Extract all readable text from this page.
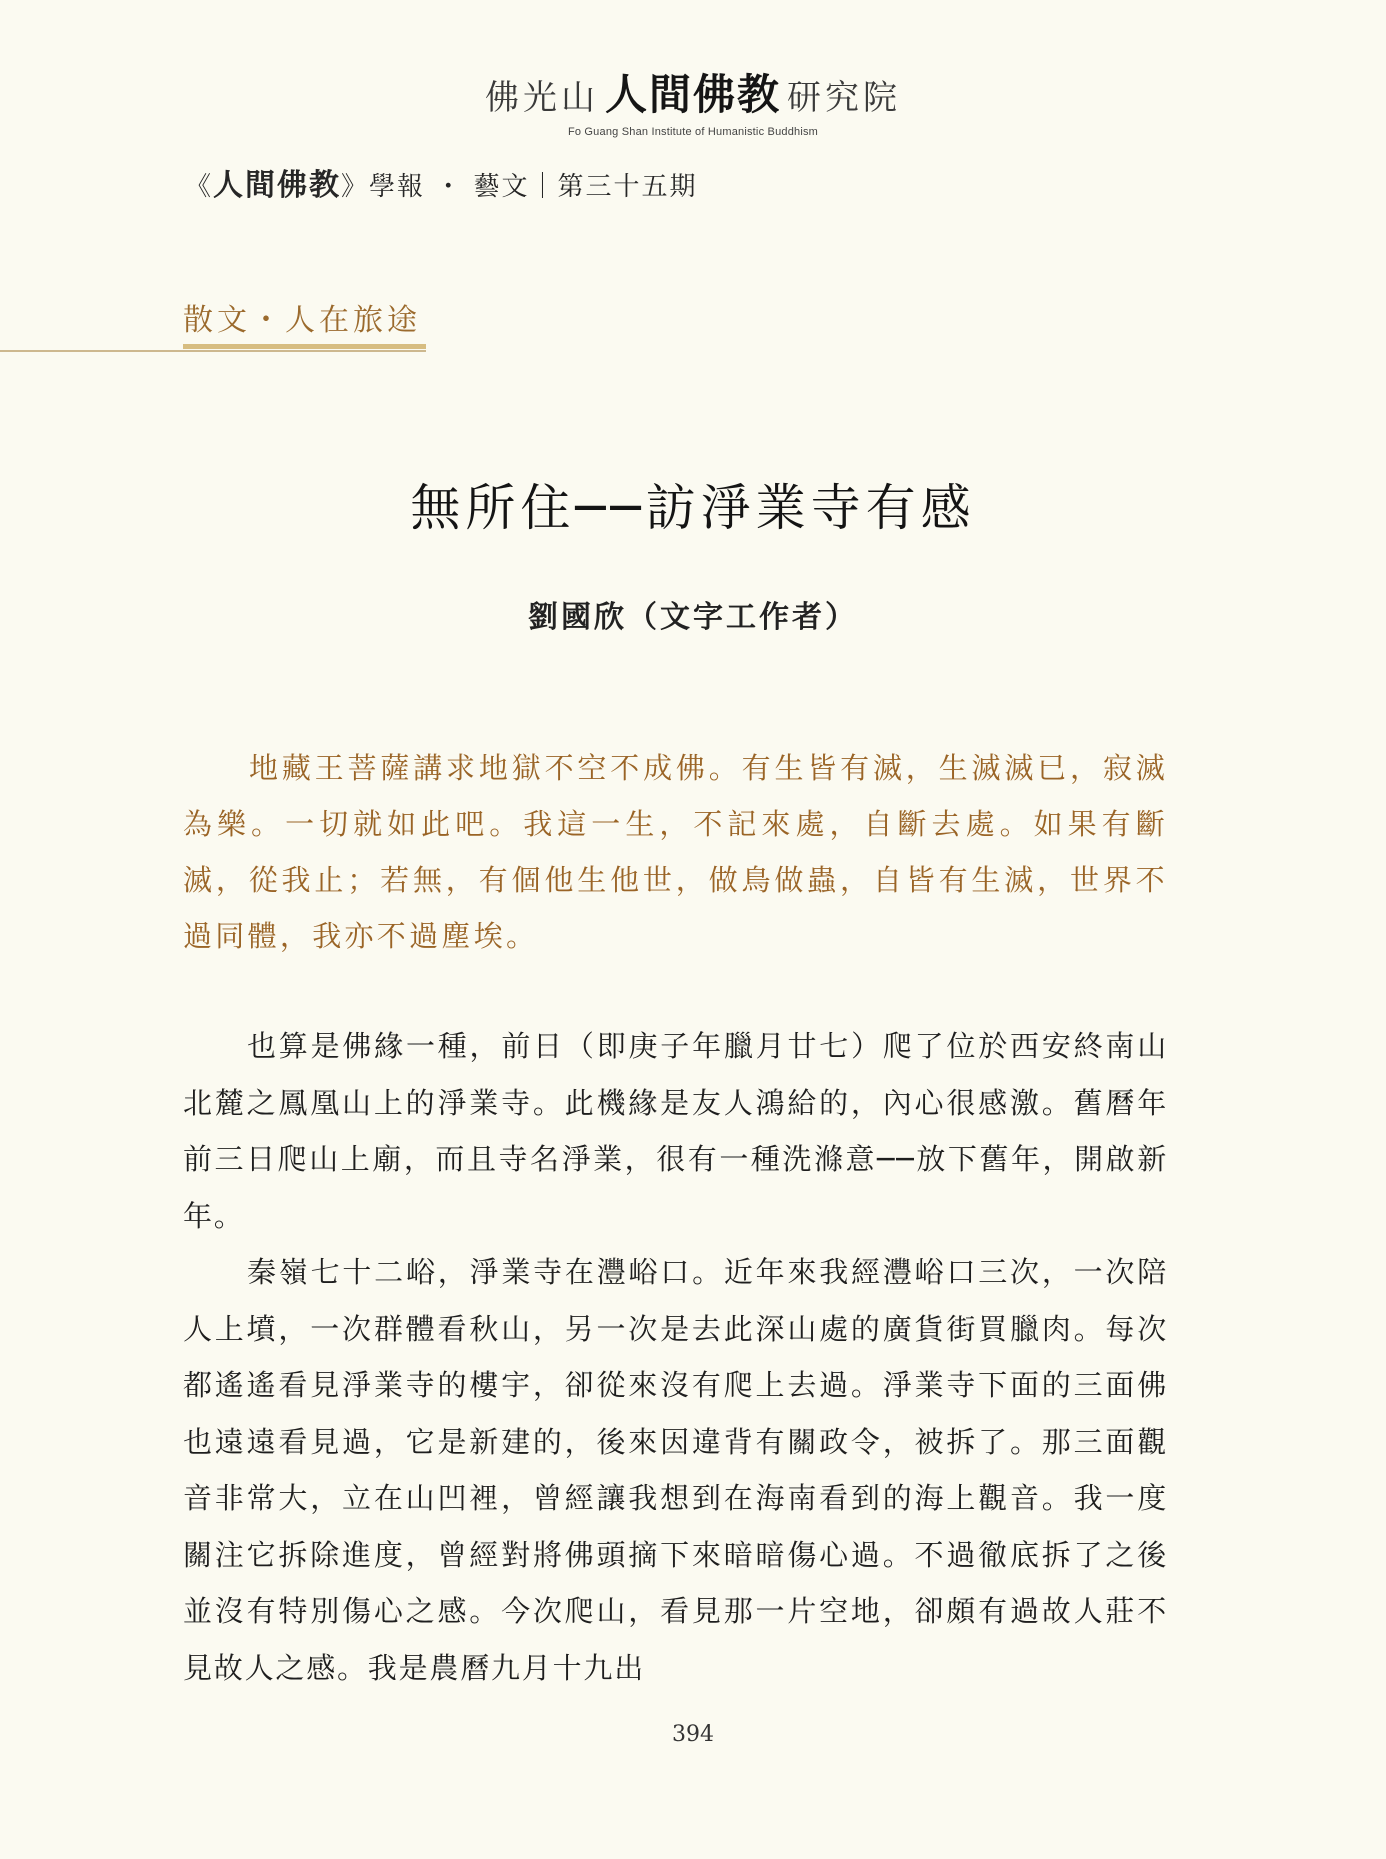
佛光山 人間佛教 研究院
Fo Guang Shan Institute of Humanistic Buddhism
《人間佛教》學報 ・ 藝文｜第三十五期
散文・人在旅途
無所住──訪淨業寺有感
劉國欣（文字工作者）

地藏王菩薩講求地獄不空不成佛。有生皆有滅，生滅滅已，寂滅為樂。一切就如此吧。我這一生，不記來處，自斷去處。如果有斷滅，從我止；若無，有個他生他世，做鳥做蟲，自皆有生滅，世界不過同體，我亦不過塵埃。

也算是佛緣一種，前日（即庚子年臘月廿七）爬了位於西安終南山北麓之鳳凰山上的淨業寺。此機緣是友人鴻給的，內心很感激。舊曆年前三日爬山上廟，而且寺名淨業，很有一種洗滌意──放下舊年，開啟新年。

秦嶺七十二峪，淨業寺在灃峪口。近年來我經灃峪口三次，一次陪人上墳，一次群體看秋山，另一次是去此深山處的廣貨街買臘肉。每次都遙遙看見淨業寺的樓宇，卻從來沒有爬上去過。淨業寺下面的三面佛也遠遠看見過，它是新建的，後來因違背有關政令，被拆了。那三面觀音非常大，立在山凹裡，曾經讓我想到在海南看到的海上觀音。我一度關注它拆除進度，曾經對將佛頭摘下來暗暗傷心過。不過徹底拆了之後並沒有特別傷心之感。今次爬山，看見那一片空地，卻頗有過故人莊不見故人之感。我是農曆九月十九出

394
